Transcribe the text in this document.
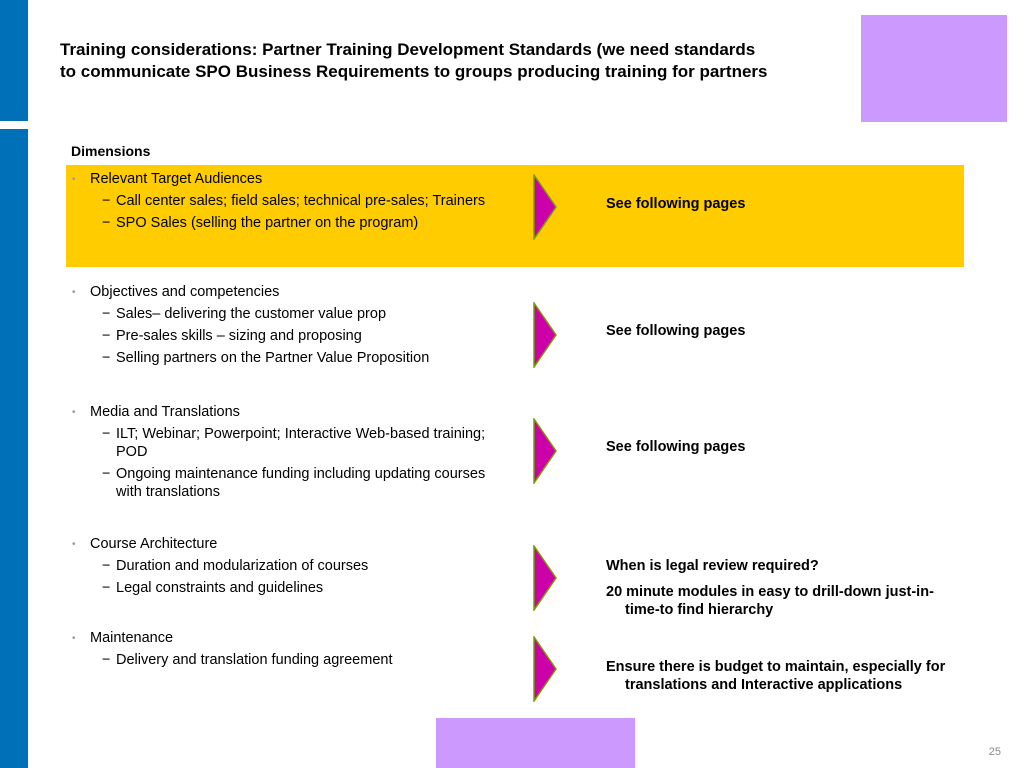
Training considerations: Partner Training Development Standards (we need standards
to communicate SPO Business Requirements to groups producing training for partners
Dimensions
• Relevant Target Audiences
− Call center sales; field sales; technical pre-sales; Trainers
− SPO Sales (selling the partner on the program)

See following pages

• Objectives and competencies
− Sales– delivering the customer value prop
− Pre-sales skills – sizing and proposing
− Selling partners on the Partner Value Proposition

See following pages

• Media and Translations
− ILT; Webinar; Powerpoint; Interactive Web-based training; POD
− Ongoing maintenance funding including updating courses with translations

See following pages

• Course Architecture
− Duration and modularization of courses
− Legal constraints and guidelines

When is legal review required?

20 minute modules in easy to drill-down just-in-time-to find hierarchy

• Maintenance
− Delivery and translation funding agreement	Ensure there is budget to maintain, especially for translations and Interactive applications

25
